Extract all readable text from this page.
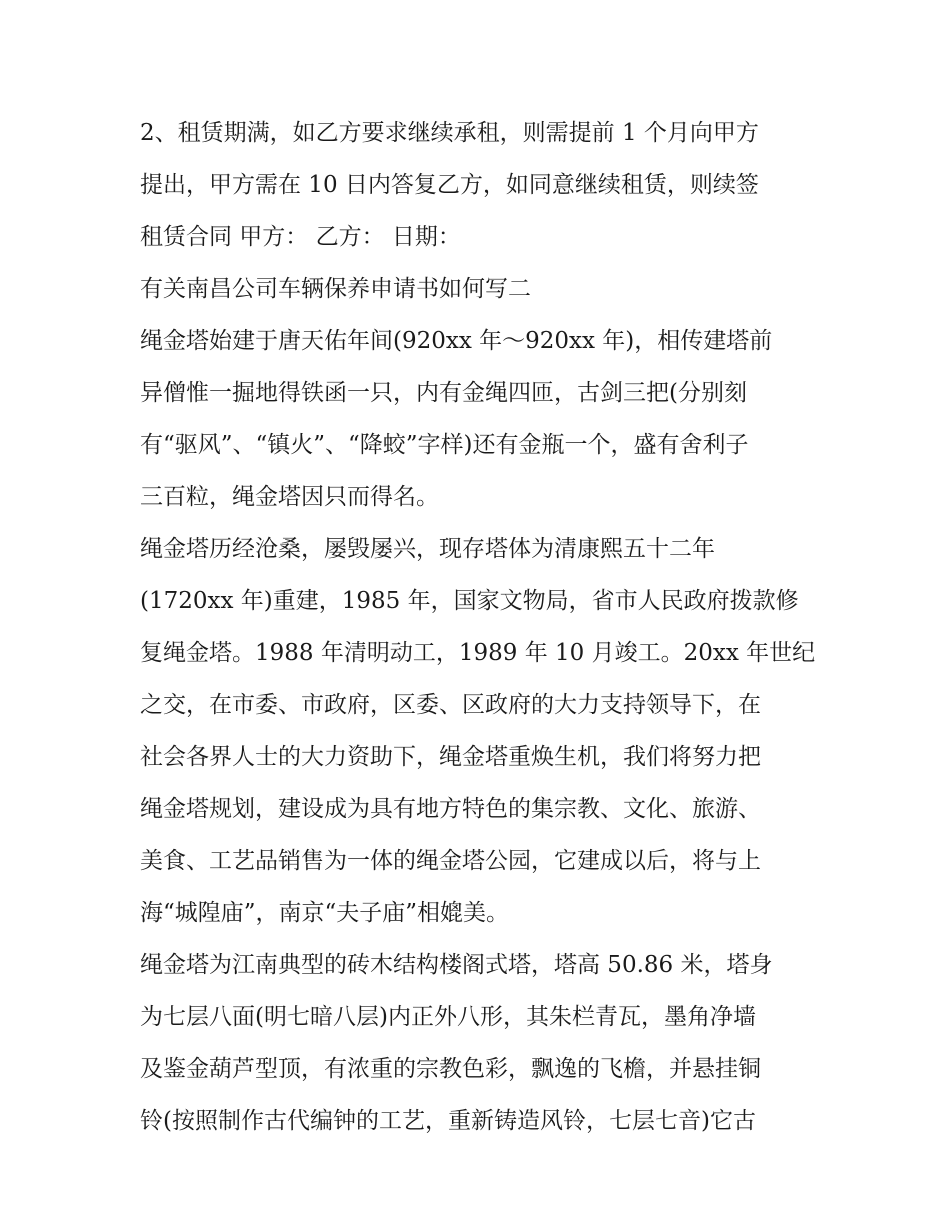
2、租赁期满，如乙方要求继续承租，则需提前 1 个月向甲方
提出，甲方需在 10 日内答复乙方，如同意继续租赁，则续签
租赁合同 甲方： 乙方： 日期：
有关南昌公司车辆保养申请书如何写二
绳金塔始建于唐天佑年间(920xx 年～920xx 年)，相传建塔前
异僧惟一掘地得铁函一只，内有金绳四匝，古剑三把(分别刻
有“驱风”、“镇火”、“降蛟”字样)还有金瓶一个，盛有舍利子
三百粒，绳金塔因只而得名。
绳金塔历经沧桑，屡毁屡兴，现存塔体为清康熙五十二年
(1720xx 年)重建，1985 年，国家文物局，省市人民政府拨款修
复绳金塔。1988 年清明动工，1989 年 10 月竣工。20xx 年世纪
之交，在市委、市政府，区委、区政府的大力支持领导下，在
社会各界人士的大力资助下，绳金塔重焕生机，我们将努力把
绳金塔规划，建设成为具有地方特色的集宗教、文化、旅游、
美食、工艺品销售为一体的绳金塔公园，它建成以后，将与上
海“城隍庙”，南京“夫子庙”相媲美。
绳金塔为江南典型的砖木结构楼阁式塔，塔高 50.86 米，塔身
为七层八面(明七暗八层)内正外八形，其朱栏青瓦，墨角净墙
及鉴金葫芦型顶，有浓重的宗教色彩，飘逸的飞檐，并悬挂铜
铃(按照制作古代编钟的工艺，重新铸造风铃，七层七音)它古
